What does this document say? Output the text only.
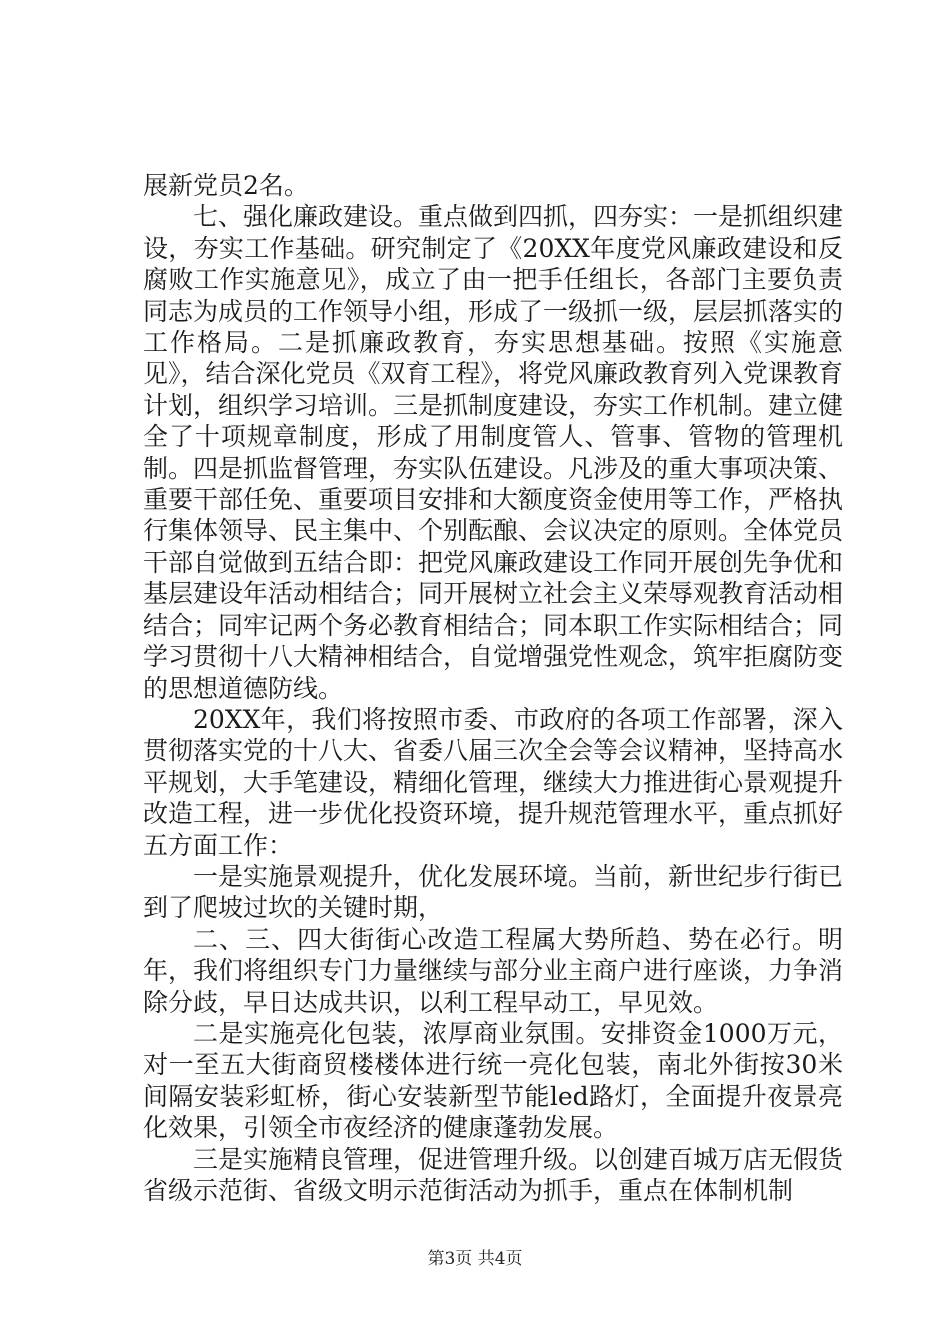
展新党员2名。

七、强化廉政建设。重点做到四抓，四夯实：一是抓组织建设，夯实工作基础。研究制定了《20XX年度党风廉政建设和反腐败工作实施意见》，成立了由一把手任组长，各部门主要负责同志为成员的工作领导小组，形成了一级抓一级，层层抓落实的工作格局。二是抓廉政教育，夯实思想基础。按照《实施意见》，结合深化党员《双育工程》，将党风廉政教育列入党课教育计划，组织学习培训。三是抓制度建设，夯实工作机制。建立健全了十项规章制度，形成了用制度管人、管事、管物的管理机制。四是抓监督管理，夯实队伍建设。凡涉及的重大事项决策、重要干部任免、重要项目安排和大额度资金使用等工作，严格执行集体领导、民主集中、个别酝酿、会议决定的原则。全体党员干部自觉做到五结合即：把党风廉政建设工作同开展创先争优和基层建设年活动相结合；同开展树立社会主义荣辱观教育活动相结合；同牢记两个务必教育相结合；同本职工作实际相结合；同学习贯彻十八大精神相结合，自觉增强党性观念，筑牢拒腐防变的思想道德防线。

20XX年，我们将按照市委、市政府的各项工作部署，深入贯彻落实党的十八大、省委八届三次全会等会议精神，坚持高水平规划，大手笔建设，精细化管理，继续大力推进街心景观提升改造工程，进一步优化投资环境，提升规范管理水平，重点抓好五方面工作：

一是实施景观提升，优化发展环境。当前，新世纪步行街已到了爬坡过坎的关键时期，

二、三、四大街街心改造工程属大势所趋、势在必行。明年，我们将组织专门力量继续与部分业主商户进行座谈，力争消除分歧，早日达成共识，以利工程早动工，早见效。

二是实施亮化包装，浓厚商业氛围。安排资金1000万元，对一至五大街商贸楼楼体进行统一亮化包装，南北外街按30米间隔安装彩虹桥，街心安装新型节能led路灯，全面提升夜景亮化效果，引领全市夜经济的健康蓬勃发展。

三是实施精良管理，促进管理升级。以创建百城万店无假货省级示范街、省级文明示范街活动为抓手，重点在体制机制

第3页 共4页
